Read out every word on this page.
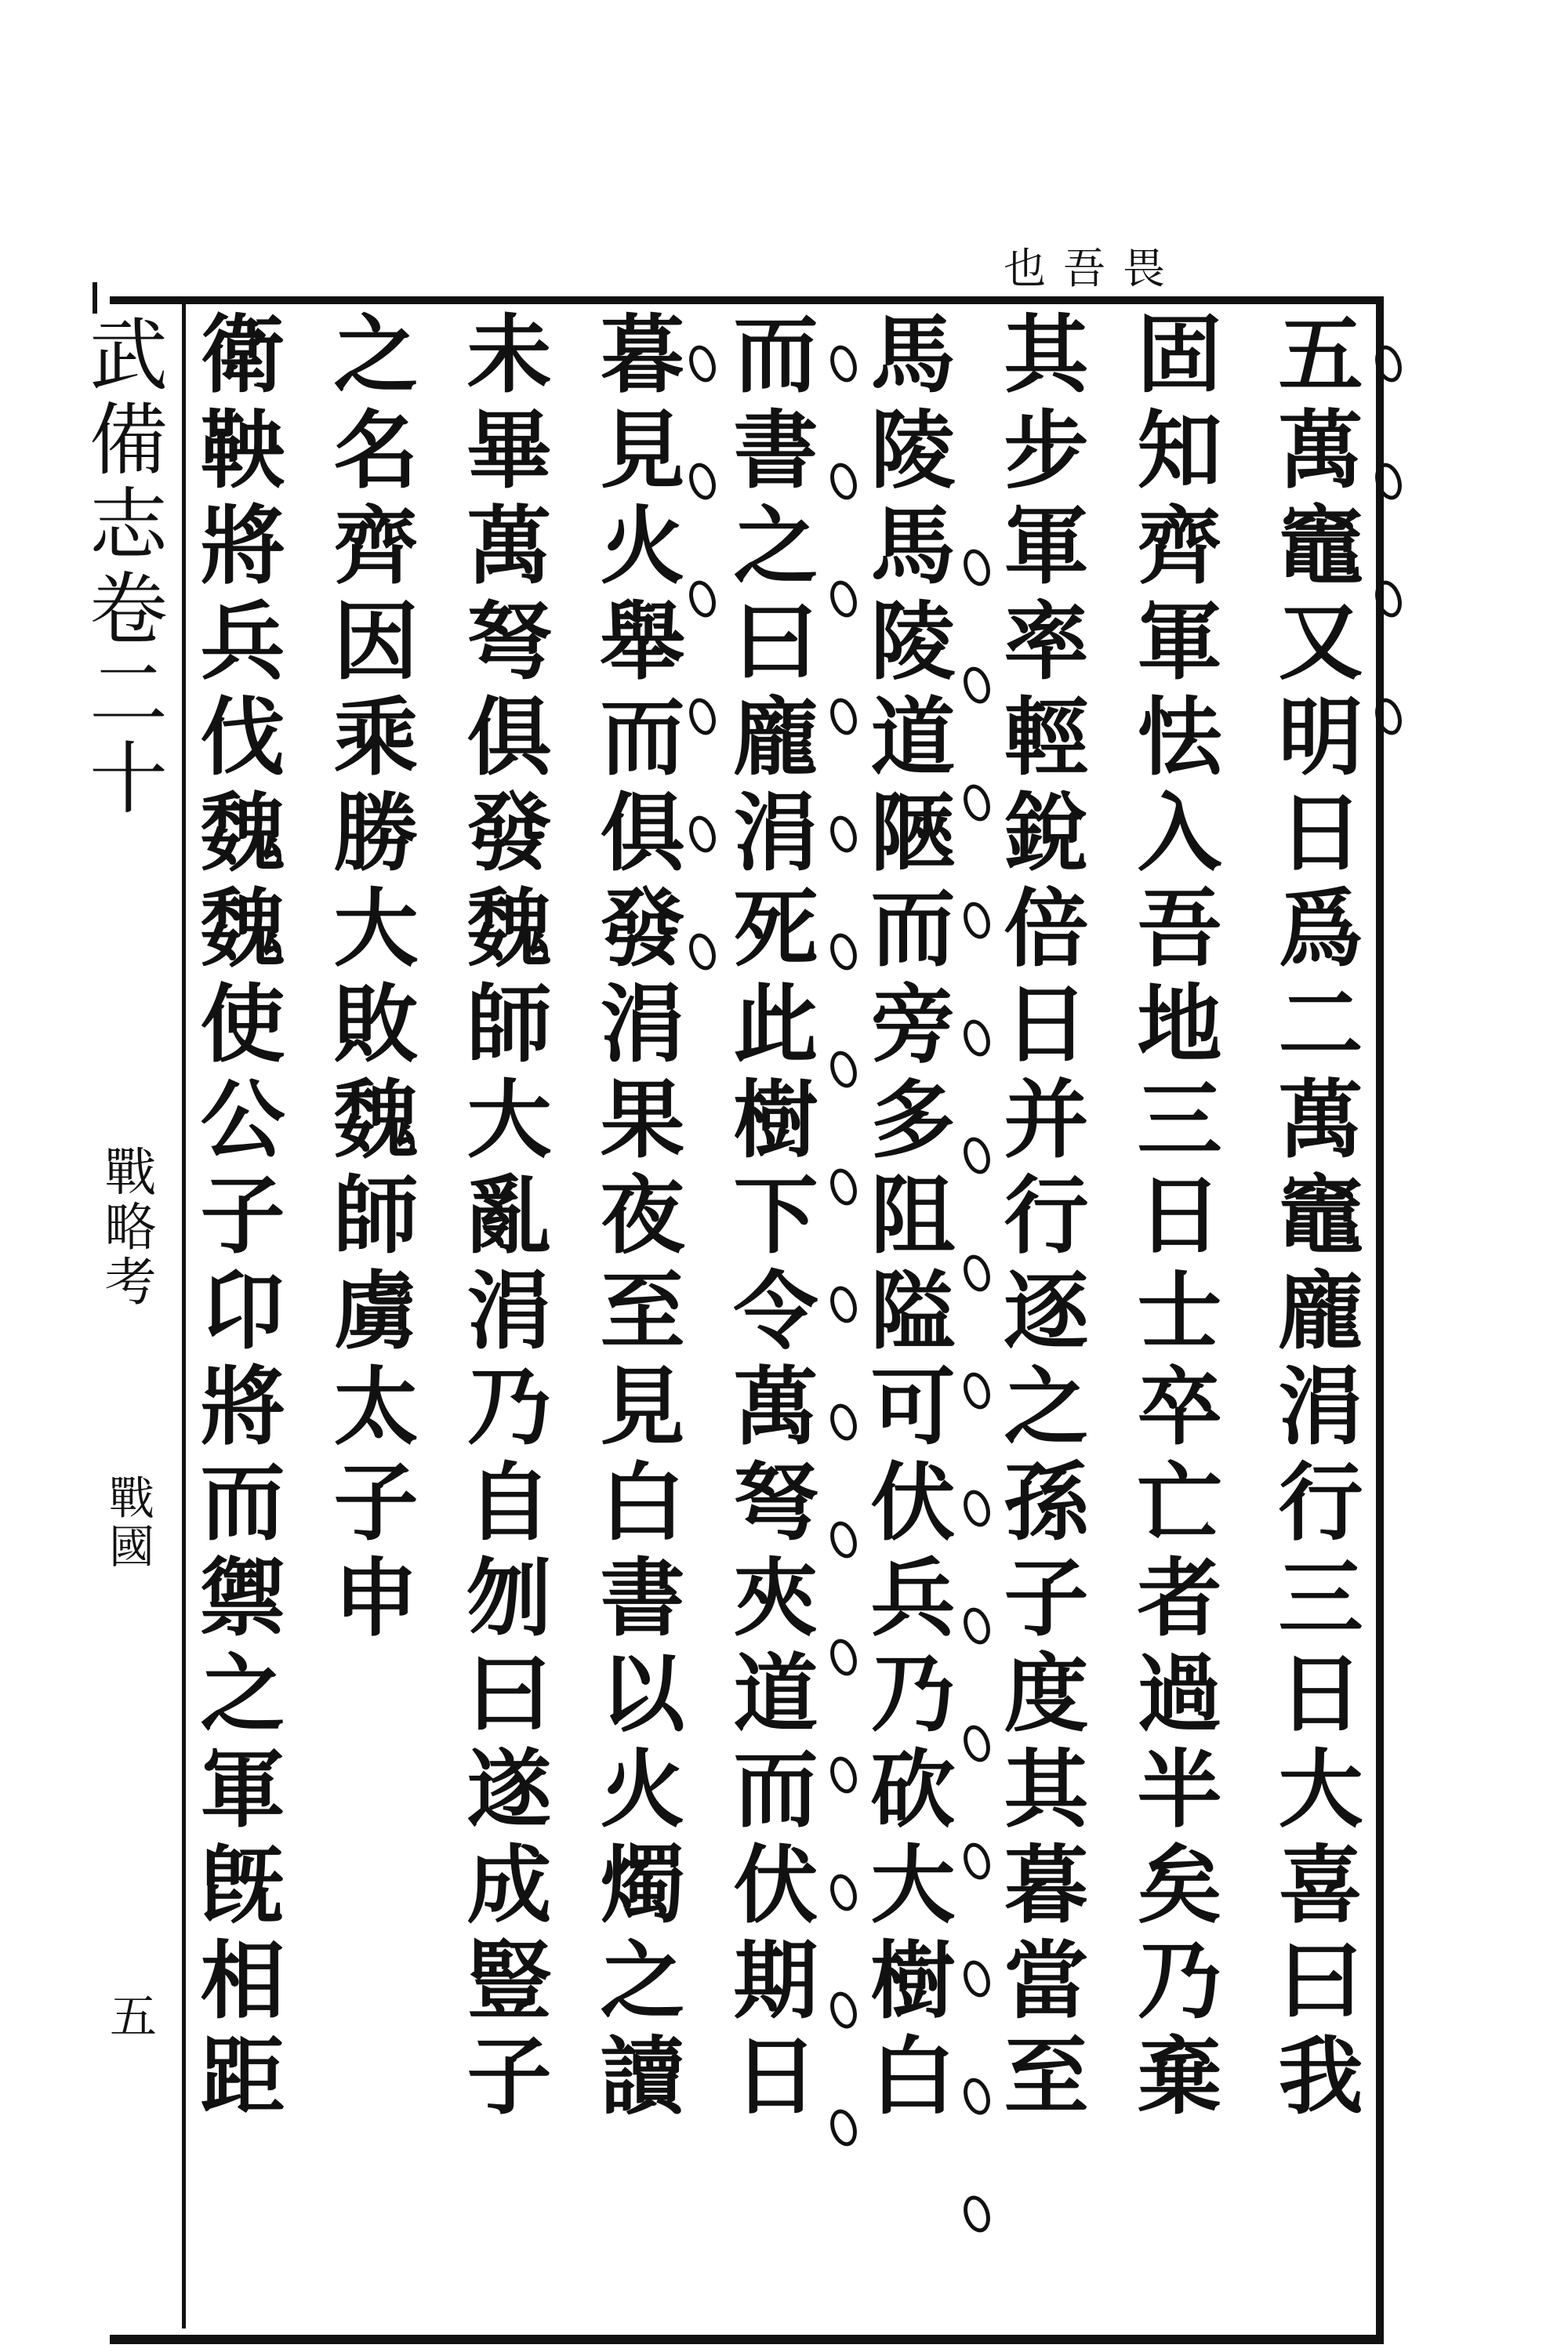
畏吾也
五萬竈又明日爲二萬竈龐涓行三日大喜曰我
固知齊軍怯入吾地三日士卒亡者過半矣乃棄
其步軍率輕銳倍日并行逐之孫子度其暮當至
馬陵馬陵道陿而旁多阻隘可伏兵乃砍大樹白
而書之曰龐涓死此樹下令萬弩夾道而伏期日
暮見火舉而俱發涓果夜至見白書以火燭之讀
未畢萬弩俱發魏師大亂涓乃自刎曰遂成豎子
之名齊因乘勝大敗魏師虜太子申
衛鞅將兵伐魏魏使公子卬將而禦之軍旣相距
武備志卷二十
戰略考
戰國
五
